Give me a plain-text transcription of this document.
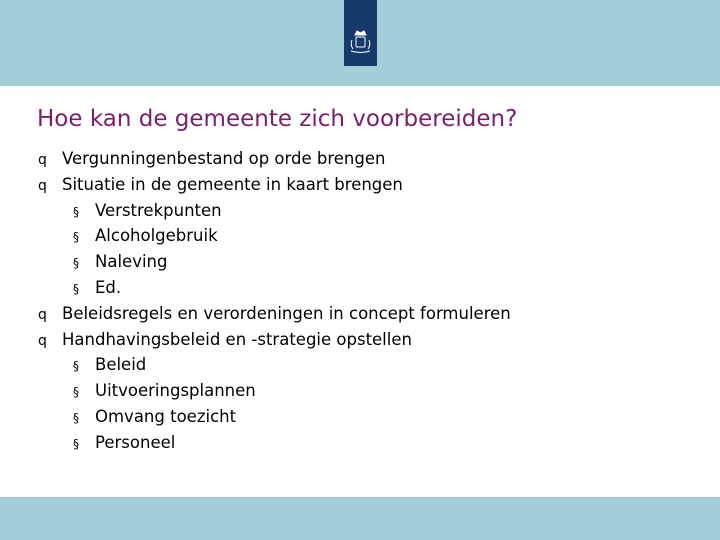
Hoe kan de gemeente zich voorbereiden?
q Vergunningenbestand op orde brengen
q Situatie in de gemeente in kaart brengen
§ Verstrekpunten
§ Alcoholgebruik
§ Naleving
§ Ed.
q Beleidsregels en verordeningen in concept formuleren
q Handhavingsbeleid en -strategie opstellen
§ Beleid
§ Uitvoeringsplannen
§ Omvang toezicht
§ Personeel
